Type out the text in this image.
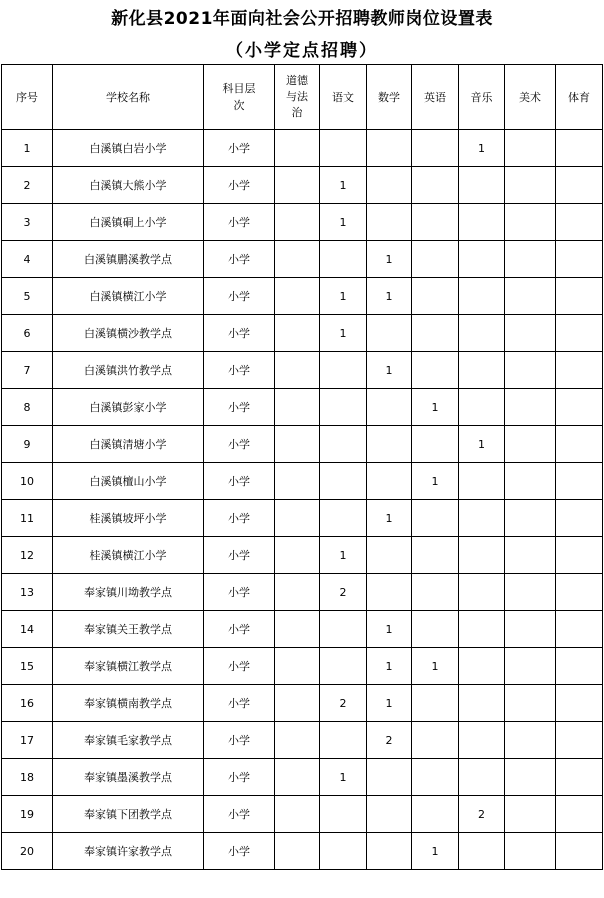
新化县2021年面向社会公开招聘教师岗位设置表
（小学定点招聘）
序号	学校名称	科目层次	道德与法治	语文	数学	英语	音乐	美术	体育
1	白溪镇白岩小学	小学					1		
2	白溪镇大熊小学	小学		1					
3	白溪镇硐上小学	小学		1					
4	白溪镇鹏溪教学点	小学			1				
5	白溪镇横江小学	小学		1	1				
6	白溪镇横沙教学点	小学		1					
7	白溪镇洪竹教学点	小学			1				
8	白溪镇彭家小学	小学				1			
9	白溪镇清塘小学	小学					1		
10	白溪镇檀山小学	小学				1			
11	桂溪镇坡坪小学	小学			1				
12	桂溪镇横江小学	小学		1					
13	奉家镇川坳教学点	小学		2					
14	奉家镇关王教学点	小学			1				
15	奉家镇横江教学点	小学			1	1			
16	奉家镇横南教学点	小学		2	1				
17	奉家镇毛家教学点	小学			2				
18	奉家镇墨溪教学点	小学		1					
19	奉家镇下团教学点	小学					2		
20	奉家镇许家教学点	小学				1			
